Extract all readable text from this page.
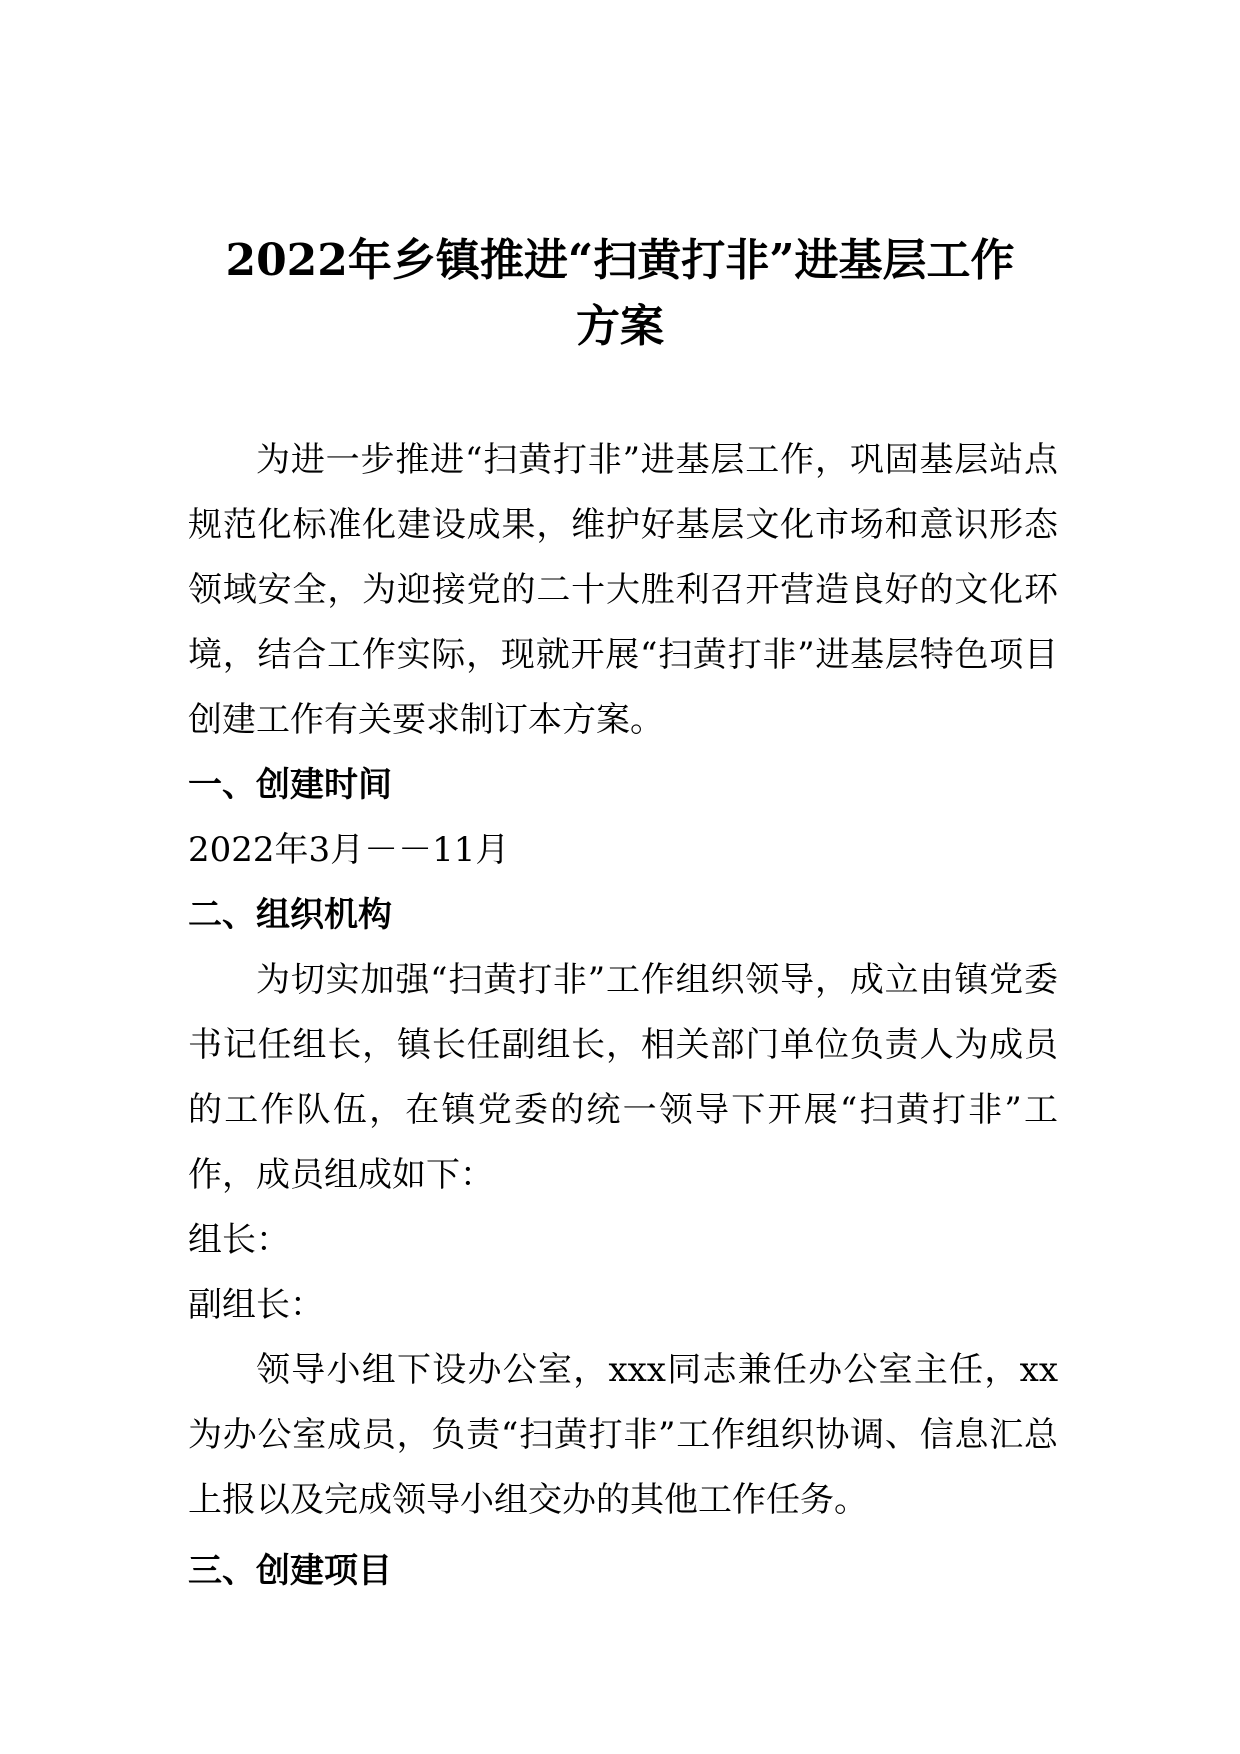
2022年乡镇推进“扫黄打非”进基层工作
方案

为进一步推进“扫黄打非”进基层工作，巩固基层站点规范化标准化建设成果，维护好基层文化市场和意识形态领域安全，为迎接党的二十大胜利召开营造良好的文化环境，结合工作实际，现就开展“扫黄打非”进基层特色项目创建工作有关要求制订本方案。

一、创建时间

2022年3月－－11月

二、组织机构

为切实加强“扫黄打非”工作组织领导，成立由镇党委书记任组长，镇长任副组长，相关部门单位负责人为成员的工作队伍，在镇党委的统一领导下开展“扫黄打非”工作，成员组成如下：

组长：

副组长：

领导小组下设办公室，xxx同志兼任办公室主任，xx为办公室成员，负责“扫黄打非”工作组织协调、信息汇总上报以及完成领导小组交办的其他工作任务。

三、创建项目
